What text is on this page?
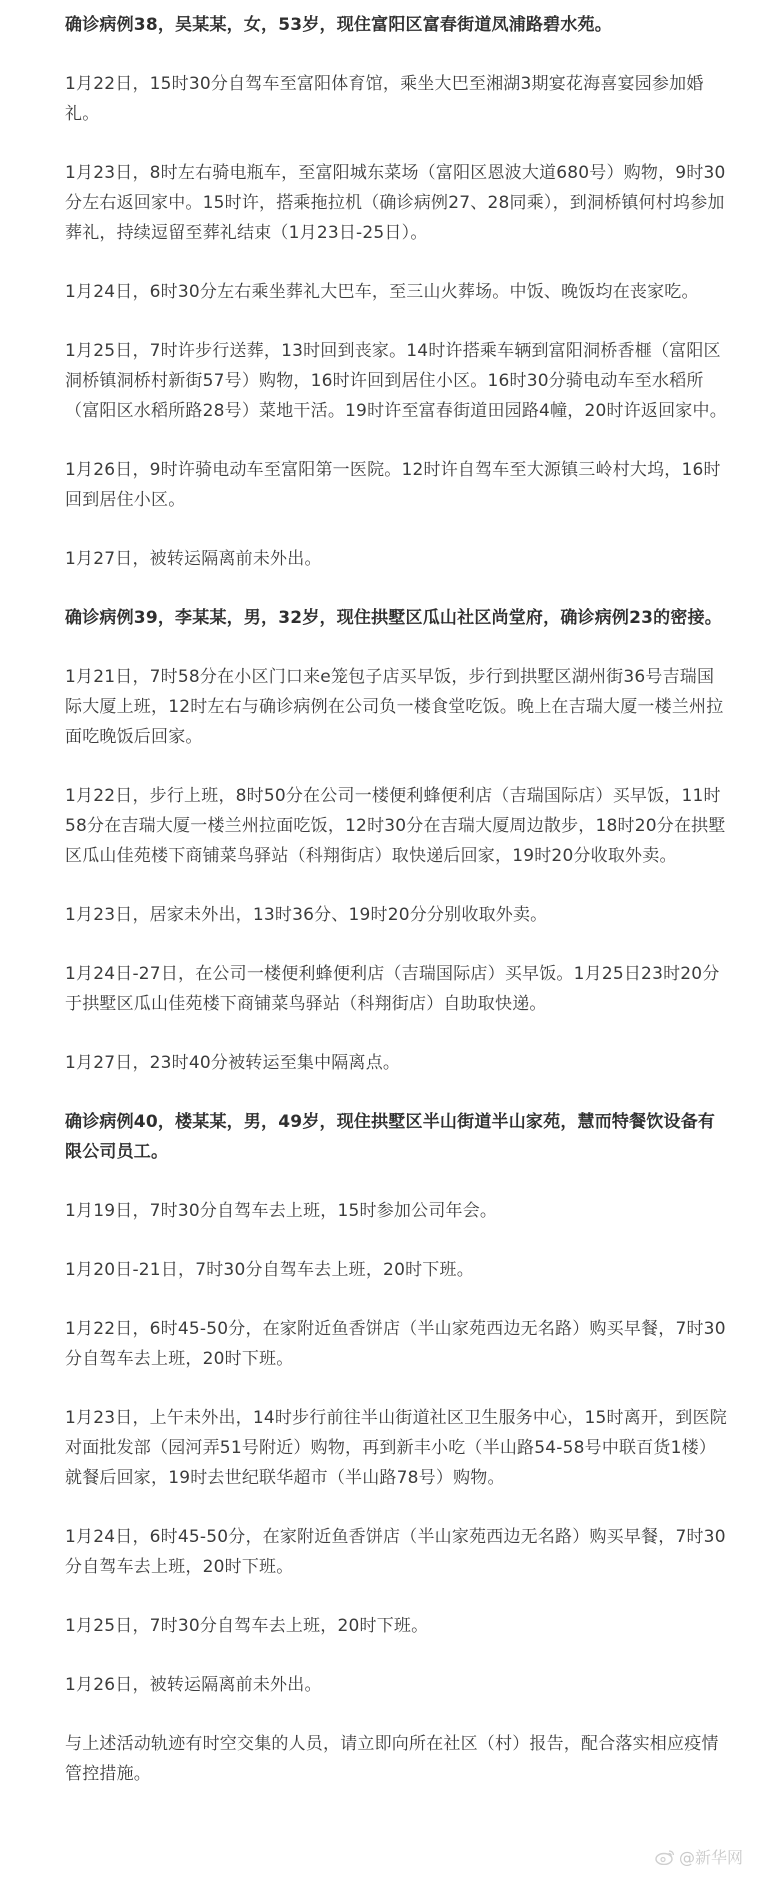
确诊病例38，吴某某，女，53岁，现住富阳区富春街道凤浦路碧水苑。

1月22日，15时30分自驾车至富阳体育馆，乘坐大巴至湘湖3期宴花海喜宴园参加婚礼。

1月23日，8时左右骑电瓶车，至富阳城东菜场（富阳区恩波大道680号）购物，9时30分左右返回家中。15时许，搭乘拖拉机（确诊病例27、28同乘），到洞桥镇何村坞参加葬礼，持续逗留至葬礼结束（1月23日-25日）。

1月24日，6时30分左右乘坐葬礼大巴车，至三山火葬场。中饭、晚饭均在丧家吃。

1月25日，7时许步行送葬，13时回到丧家。14时许搭乘车辆到富阳洞桥香榧（富阳区洞桥镇洞桥村新街57号）购物，16时许回到居住小区。16时30分骑电动车至水稻所（富阳区水稻所路28号）菜地干活。19时许至富春街道田园路4幢，20时许返回家中。

1月26日，9时许骑电动车至富阳第一医院。12时许自驾车至大源镇三岭村大坞，16时回到居住小区。

1月27日，被转运隔离前未外出。

确诊病例39，李某某，男，32岁，现住拱墅区瓜山社区尚堂府，确诊病例23的密接。

1月21日，7时58分在小区门口来e笼包子店买早饭，步行到拱墅区湖州街36号吉瑞国际大厦上班，12时左右与确诊病例在公司负一楼食堂吃饭。晚上在吉瑞大厦一楼兰州拉面吃晚饭后回家。

1月22日，步行上班，8时50分在公司一楼便利蜂便利店（吉瑞国际店）买早饭，11时58分在吉瑞大厦一楼兰州拉面吃饭，12时30分在吉瑞大厦周边散步，18时20分在拱墅区瓜山佳苑楼下商铺菜鸟驿站（科翔街店）取快递后回家，19时20分收取外卖。

1月23日，居家未外出，13时36分、19时20分分别收取外卖。

1月24日-27日，在公司一楼便利蜂便利店（吉瑞国际店）买早饭。1月25日23时20分于拱墅区瓜山佳苑楼下商铺菜鸟驿站（科翔街店）自助取快递。

1月27日，23时40分被转运至集中隔离点。

确诊病例40，楼某某，男，49岁，现住拱墅区半山街道半山家苑，慧而特餐饮设备有限公司员工。

1月19日，7时30分自驾车去上班，15时参加公司年会。

1月20日-21日，7时30分自驾车去上班，20时下班。

1月22日，6时45-50分，在家附近鱼香饼店（半山家苑西边无名路）购买早餐，7时30分自驾车去上班，20时下班。

1月23日，上午未外出，14时步行前往半山街道社区卫生服务中心，15时离开，到医院对面批发部（园河弄51号附近）购物，再到新丰小吃（半山路54-58号中联百货1楼）就餐后回家，19时去世纪联华超市（半山路78号）购物。

1月24日，6时45-50分，在家附近鱼香饼店（半山家苑西边无名路）购买早餐，7时30分自驾车去上班，20时下班。

1月25日，7时30分自驾车去上班，20时下班。

1月26日，被转运隔离前未外出。

与上述活动轨迹有时空交集的人员，请立即向所在社区（村）报告，配合落实相应疫情管控措施。

@新华网
